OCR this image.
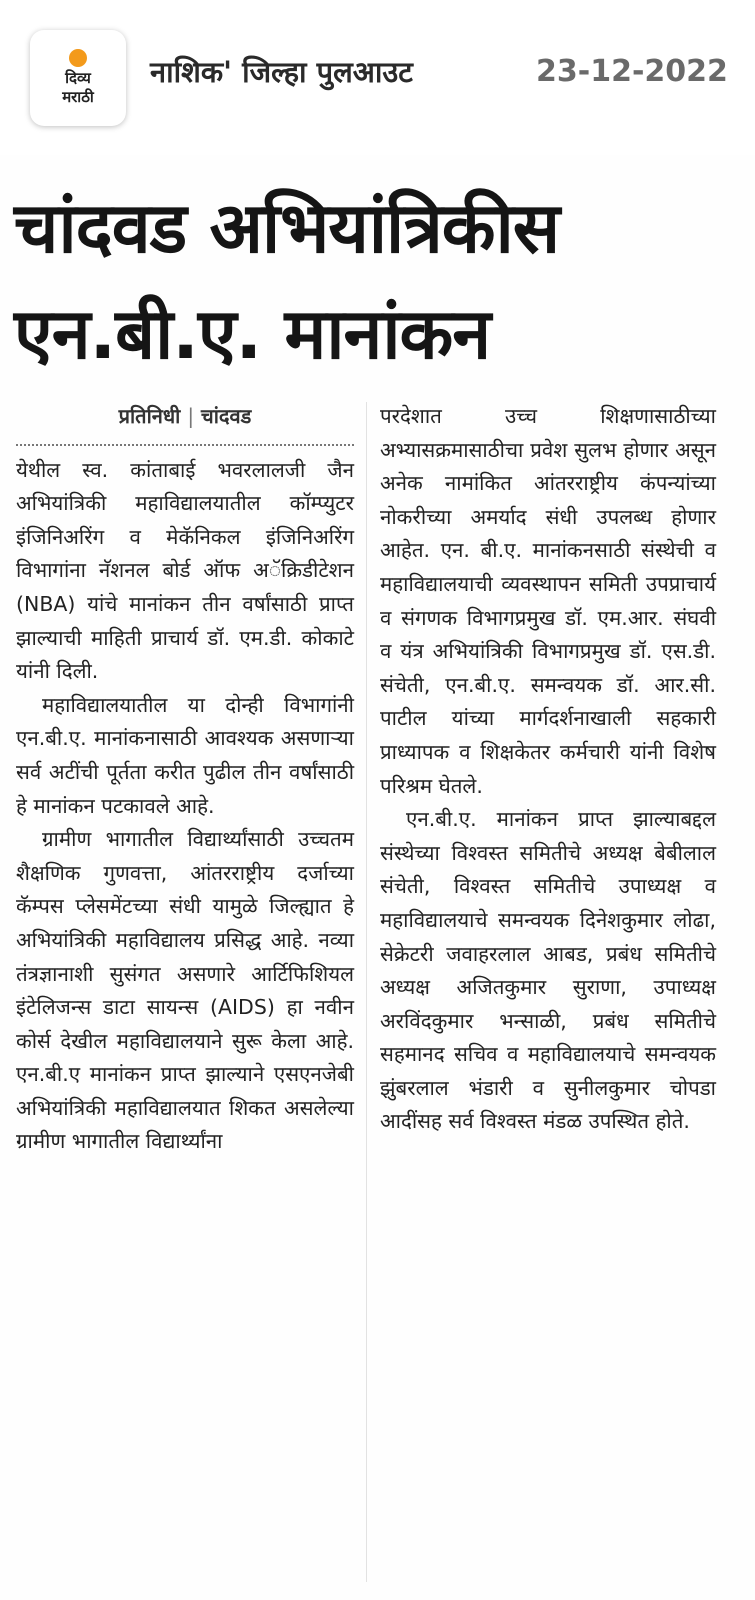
दिव्य
मराठी
नाशिक' जिल्हा पुलआउट	23-12-2022
चांदवड अभियांत्रिकीस
एन.बी.ए. मानांकन
प्रतिनिधी | चांदवड

येथील स्व. कांताबाई भवरलालजी जैन अभियांत्रिकी महाविद्यालयातील कॉम्प्युटर इंजिनिअरिंग व मेकॅनिकल इंजिनिअरिंग विभागांना नॅशनल बोर्ड ऑफ अॅक्रिडीटेशन (NBA) यांचे मानांकन तीन वर्षांसाठी प्राप्त झाल्याची माहिती प्राचार्य डॉ. एम.डी. कोकाटे यांनी दिली.

महाविद्यालयातील या दोन्ही विभागांनी एन.बी.ए. मानांकनासाठी आवश्यक असणाऱ्या सर्व अटींची पूर्तता करीत पुढील तीन वर्षांसाठी हे मानांकन पटकावले आहे.

ग्रामीण भागातील विद्यार्थ्यांसाठी उच्चतम शैक्षणिक गुणवत्ता, आंतरराष्ट्रीय दर्जाच्या कॅम्पस प्लेसमेंटच्या संधी यामुळे जिल्ह्यात हे अभियांत्रिकी महाविद्यालय प्रसिद्ध आहे. नव्या तंत्रज्ञानाशी सुसंगत असणारे आर्टिफिशियल इंटेलिजन्स डाटा सायन्स (AIDS) हा नवीन कोर्स देखील महाविद्यालयाने सुरू केला आहे. एन.बी.ए मानांकन प्राप्त झाल्याने एसएनजेबी अभियांत्रिकी महाविद्यालयात शिकत असलेल्या ग्रामीण भागातील विद्यार्थ्यांना

परदेशात उच्च शिक्षणासाठीच्या अभ्यासक्रमासाठीचा प्रवेश सुलभ होणार असून अनेक नामांकित आंतरराष्ट्रीय कंपन्यांच्या नोकरीच्या अमर्याद संधी उपलब्ध होणार आहेत. एन. बी.ए. मानांकनसाठी संस्थेची व महाविद्यालयाची व्यवस्थापन समिती उपप्राचार्य व संगणक विभागप्रमुख डॉ. एम.आर. संघवी व यंत्र अभियांत्रिकी विभागप्रमुख डॉ. एस.डी. संचेती, एन.बी.ए. समन्वयक डॉ. आर.सी. पाटील यांच्या मार्गदर्शनाखाली सहकारी प्राध्यापक व शिक्षकेतर कर्मचारी यांनी विशेष परिश्रम घेतले.

एन.बी.ए. मानांकन प्राप्त झाल्याबद्दल संस्थेच्या विश्वस्त समितीचे अध्यक्ष बेबीलाल संचेती, विश्वस्त समितीचे उपाध्यक्ष व महाविद्यालयाचे समन्वयक दिनेशकुमार लोढा, सेक्रेटरी जवाहरलाल आबड, प्रबंध समितीचे अध्यक्ष अजितकुमार सुराणा, उपाध्यक्ष अरविंदकुमार भन्साळी, प्रबंध समितीचे सहमानद सचिव व महाविद्यालयाचे समन्वयक झुंबरलाल भंडारी व सुनीलकुमार चोपडा आदींसह सर्व विश्वस्त मंडळ उपस्थित होते.
